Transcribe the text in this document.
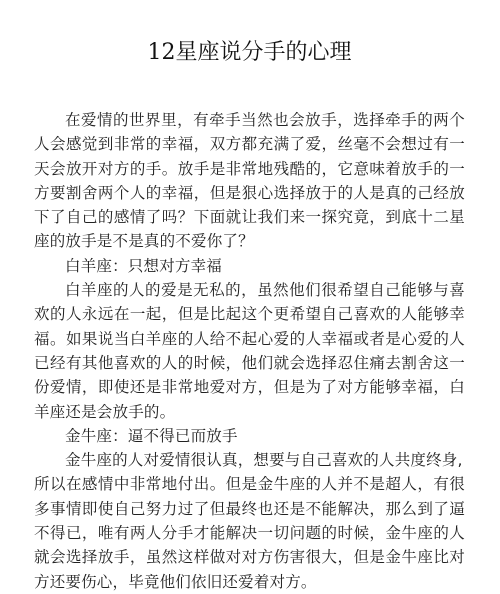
12星座说分手的心理

在爱情的世界里，有牵手当然也会放手，选择牵手的两个人会感觉到非常的幸福，双方都充满了爱，丝毫不会想过有一天会放开对方的手。放手是非常地残酷的，它意味着放手的一方要割舍两个人的幸福，但是狠心选择放于的人是真的己经放下了自己的感情了吗？下面就让我们来一探究竟，到底十二星座的放手是不是真的不爱你了？

白羊座：只想对方幸福

白羊座的人的爱是无私的，虽然他们很希望自己能够与喜欢的人永远在一起，但是比起这个更希望自己喜欢的人能够幸福。如果说当白羊座的人给不起心爱的人幸福或者是心爱的人已经有其他喜欢的人的时候，他们就会选择忍住痛去割舍这一份爱情，即使还是非常地爱对方，但是为了对方能够幸福，白羊座还是会放手的。

金牛座：逼不得已而放手

金牛座的人对爱情很认真，想要与自己喜欢的人共度终身,

所以在感情中非常地付出。但是金牛座的人并不是超人，有很多事情即使自己努力过了但最终也还是不能解决，那么到了逼不得已，唯有两人分手才能解决一切问题的时候，金牛座的人就会选择放手，虽然这样做对对方伤害很大，但是金牛座比对方还要伤心，毕竟他们依旧还爱着对方。
